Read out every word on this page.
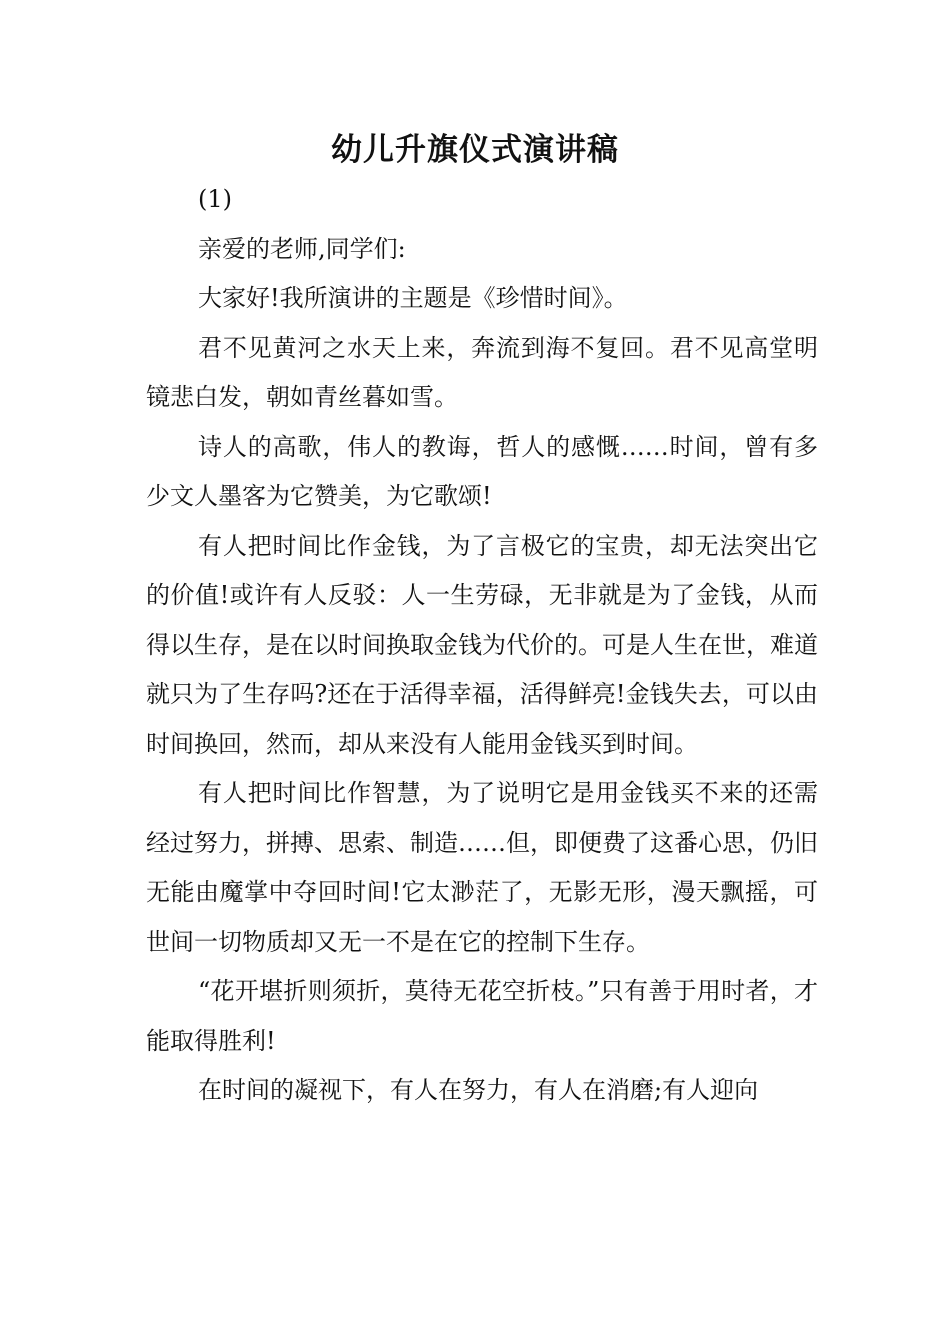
幼儿升旗仪式演讲稿

(1)

亲爱的老师,同学们:

大家好!我所演讲的主题是《珍惜时间》。

君不见黄河之水天上来，奔流到海不复回。君不见高堂明镜悲白发，朝如青丝暮如雪。

诗人的高歌，伟人的教诲，哲人的感慨……时间，曾有多少文人墨客为它赞美，为它歌颂!

有人把时间比作金钱，为了言极它的宝贵，却无法突出它的价值!或许有人反驳：人一生劳碌，无非就是为了金钱，从而得以生存，是在以时间换取金钱为代价的。可是人生在世，难道就只为了生存吗?还在于活得幸福，活得鲜亮!金钱失去，可以由时间换回，然而，却从来没有人能用金钱买到时间。

有人把时间比作智慧，为了说明它是用金钱买不来的还需经过努力，拼搏、思索、制造……但，即便费了这番心思，仍旧无能由魔掌中夺回时间!它太渺茫了，无影无形，漫天飘摇，可世间一切物质却又无一不是在它的控制下生存。

“花开堪折则须折，莫待无花空折枝。”只有善于用时者，才能取得胜利!

在时间的凝视下，有人在努力，有人在消磨;有人迎向
